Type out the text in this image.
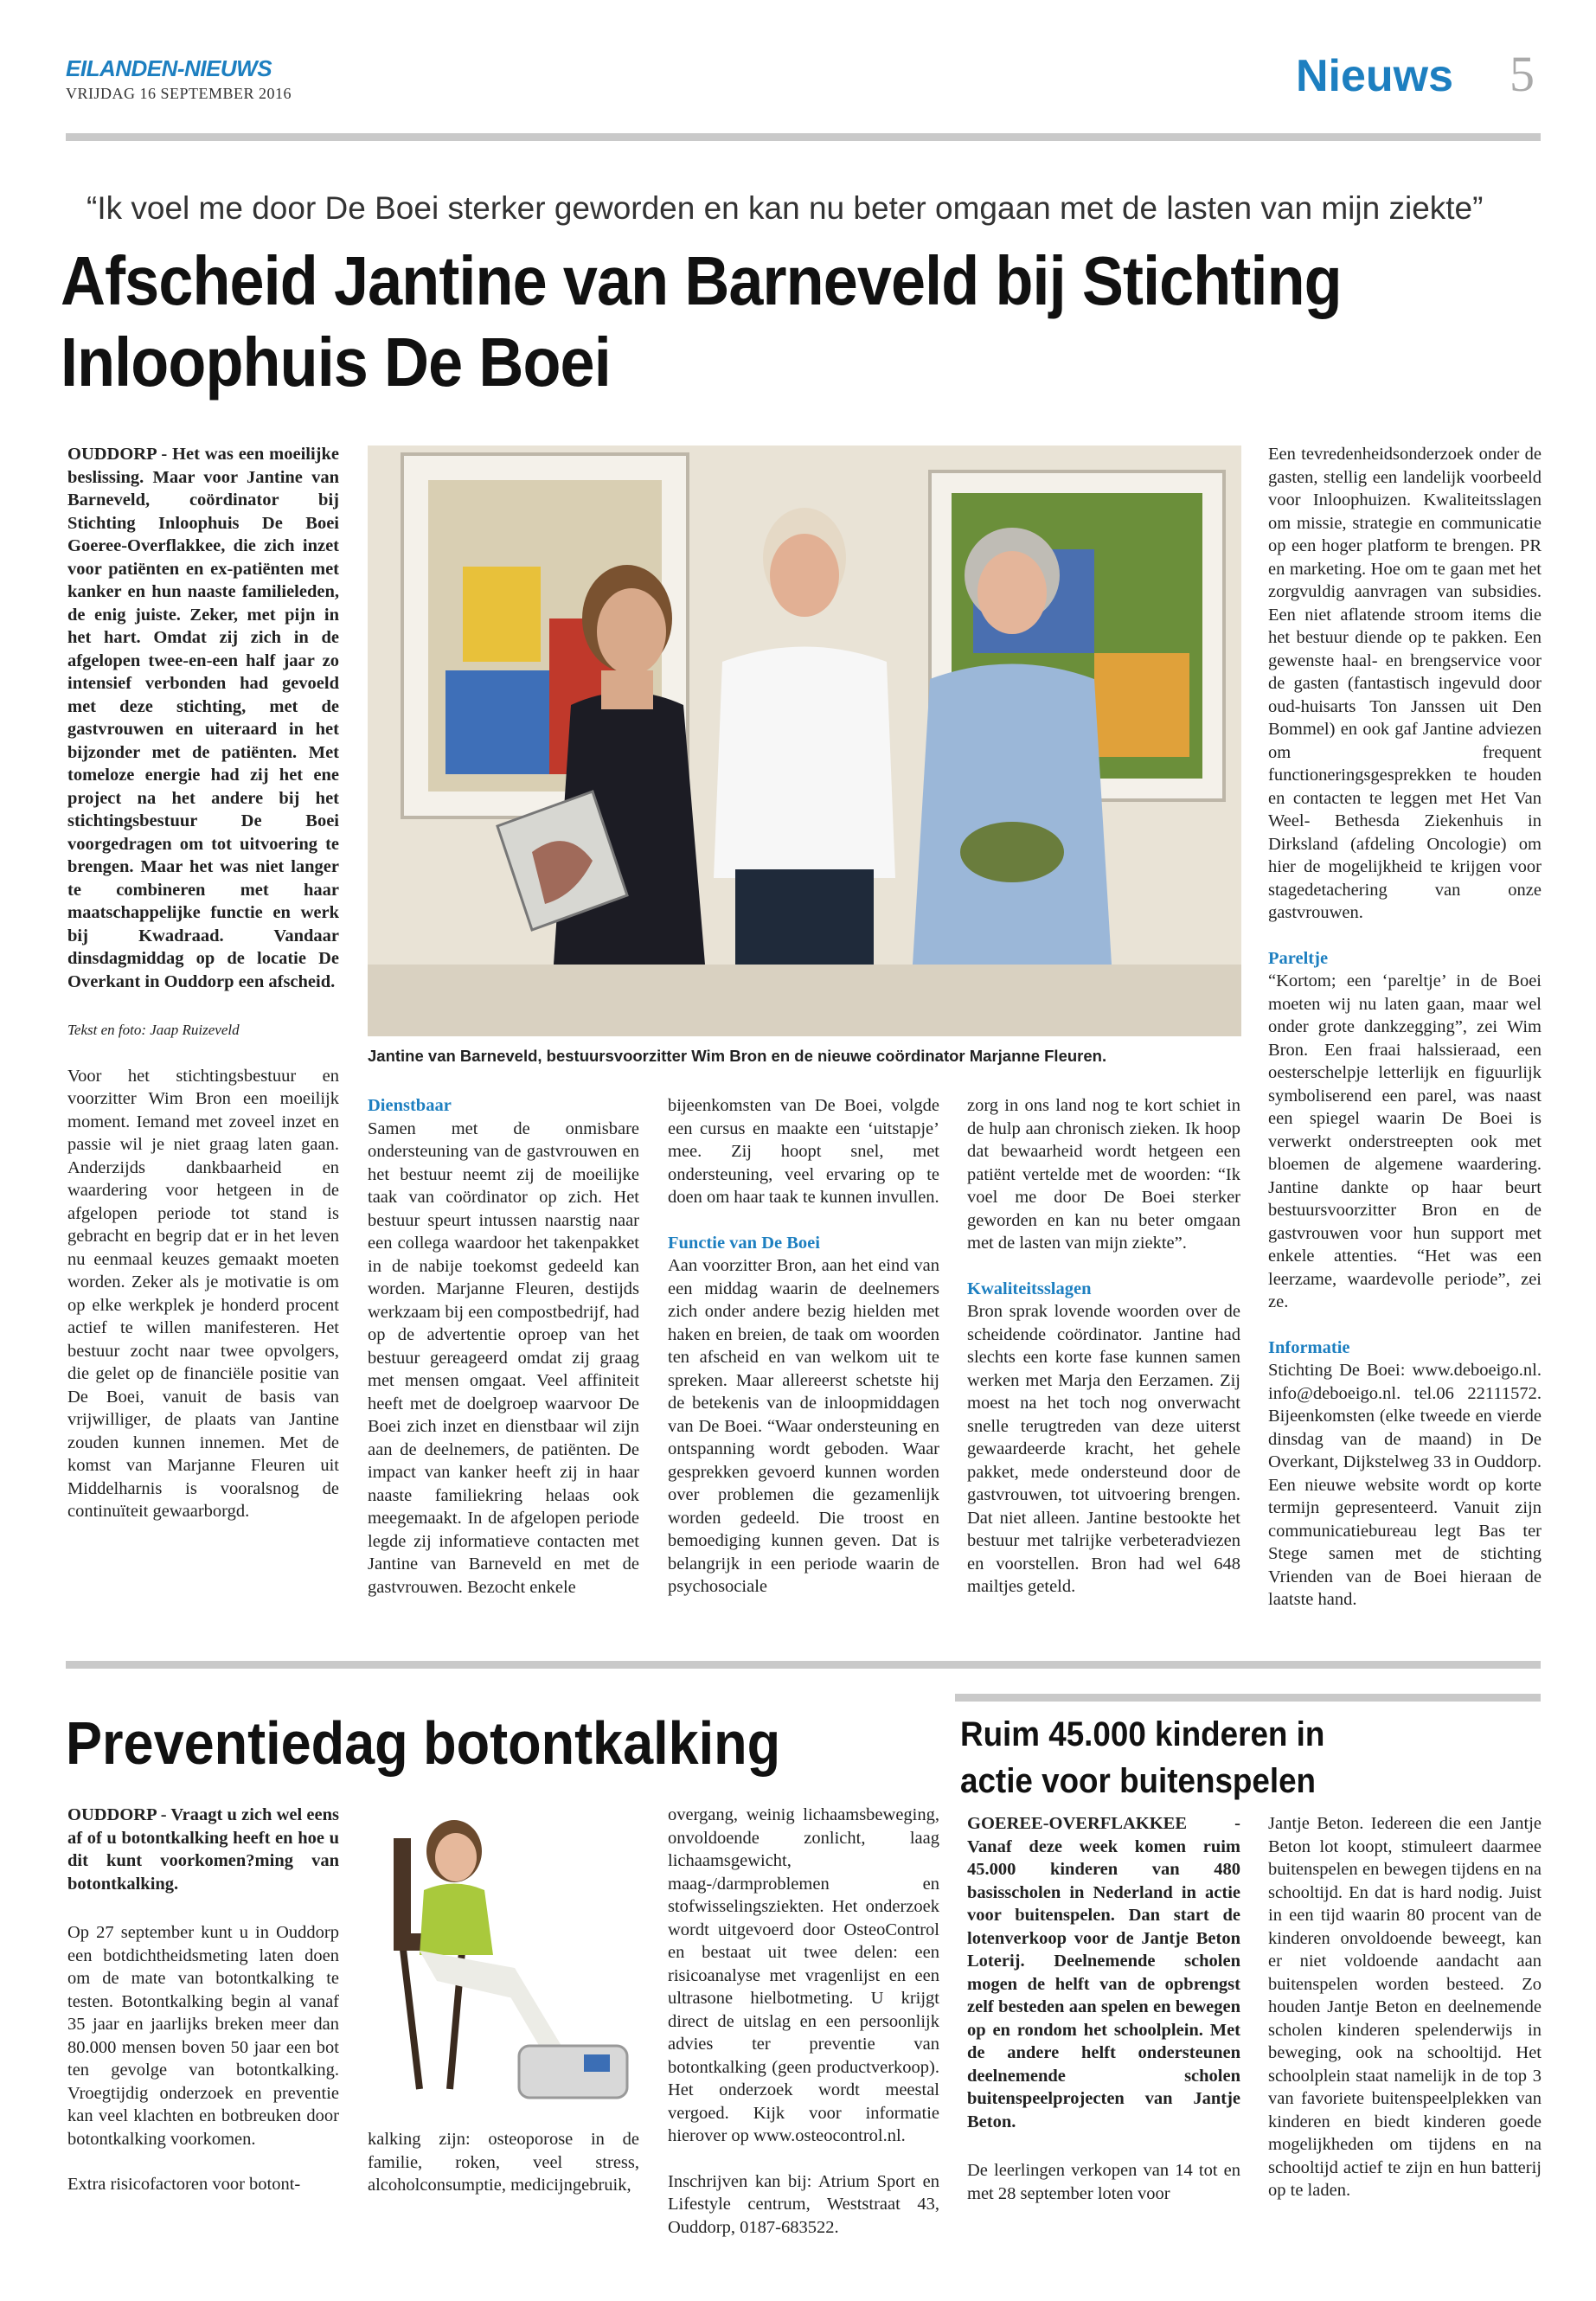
EILANDEN-NIEUWS
VRIJDAG 16 SEPTEMBER 2016	Nieuws 5
“Ik voel me door De Boei sterker geworden en kan nu beter omgaan met de lasten van mijn ziekte”
Afscheid Jantine van Barneveld bij Stichting Inloophuis De Boei

OUDDORP - Het was een moeilijke beslissing. Maar voor Jantine van Barneveld, coördinator bij Stichting Inloophuis De Boei Goeree-Overflakkee, die zich inzet voor patiënten en ex-patiënten met kanker en hun naaste familieleden, de enig juiste. Zeker, met pijn in het hart. Omdat zij zich in de afgelopen twee-en-een half jaar zo intensief verbonden had gevoeld met deze stichting, met de gastvrouwen en uiteraard in het bijzonder met de patiënten. Met tomeloze energie had zij het ene project na het andere bij het stichtingsbestuur De Boei voorgedragen om tot uitvoering te brengen. Maar het was niet langer te combineren met haar maatschappelijke functie en werk bij Kwadraad. Vandaar dinsdagmiddag op de locatie De Overkant in Ouddorp een afscheid.

Tekst en foto: Jaap Ruizeveld

Voor het stichtingsbestuur en voorzitter Wim Bron een moeilijk moment. Iemand met zoveel inzet en passie wil je niet graag laten gaan. Anderzijds dankbaarheid en waardering voor hetgeen in de afgelopen periode tot stand is gebracht en begrip dat er in het leven nu eenmaal keuzes gemaakt moeten worden. Zeker als je motivatie is om op elke werkplek je honderd procent actief te willen manifesteren. Het bestuur zocht naar twee opvolgers, die gelet op de financiële positie van De Boei, vanuit de basis van vrijwilliger, de plaats van Jantine zouden kunnen innemen. Met de komst van Marjanne Fleuren uit Middelharnis is vooralsnog de continuïteit gewaarborgd.

Jantine van Barneveld, bestuursvoorzitter Wim Bron en de nieuwe coördinator Marjanne Fleuren.
Dienstbaar

Samen met de onmisbare ondersteuning van de gastvrouwen en het bestuur neemt zij de moeilijke taak van coördinator op zich. Het bestuur speurt intussen naarstig naar een collega waardoor het takenpakket in de nabije toekomst gedeeld kan worden. Marjanne Fleuren, destijds werkzaam bij een compostbedrijf, had op de advertentie oproep van het bestuur gereageerd omdat zij graag met mensen omgaat. Veel affiniteit heeft met de doelgroep waarvoor De Boei zich inzet en dienstbaar wil zijn aan de deelnemers, de patiënten. De impact van kanker heeft zij in haar naaste familiekring helaas ook meegemaakt. In de afgelopen periode legde zij informatieve contacten met Jantine van Barneveld en met de gastvrouwen. Bezocht enkele

bijeenkomsten van De Boei, volgde een cursus en maakte een ‘uitstapje’ mee. Zij hoopt snel, met ondersteuning, veel ervaring op te doen om haar taak te kunnen invullen.

Functie van De Boei

Aan voorzitter Bron, aan het eind van een middag waarin de deelnemers zich onder andere bezig hielden met haken en breien, de taak om woorden ten afscheid en van welkom uit te spreken. Maar allereerst schetste hij de betekenis van de inloopmiddagen van De Boei. “Waar ondersteuning en ontspanning wordt geboden. Waar gesprekken gevoerd kunnen worden over problemen die gezamenlijk worden gedeeld. Die troost en bemoediging kunnen geven. Dat is belangrijk in een periode waarin de psychosociale

zorg in ons land nog te kort schiet in de hulp aan chronisch zieken. Ik hoop dat bewaarheid wordt hetgeen een patiënt vertelde met de woorden: “Ik voel me door De Boei sterker geworden en kan nu beter omgaan met de lasten van mijn ziekte”.

Kwaliteitsslagen

Bron sprak lovende woorden over de scheidende coördinator. Jantine had slechts een korte fase kunnen samen werken met Marja den Eerzamen. Zij moest na het toch nog onverwacht snelle terugtreden van deze uiterst gewaardeerde kracht, het gehele pakket, mede ondersteund door de gastvrouwen, tot uitvoering brengen. Dat niet alleen. Jantine bestookte het bestuur met talrijke verbeteradviezen en voorstellen. Bron had wel 648 mailtjes geteld.

Een tevredenheidsonderzoek onder de gasten, stellig een landelijk voorbeeld voor Inloophuizen. Kwaliteitsslagen om missie, strategie en communicatie op een hoger platform te brengen. PR en marketing. Hoe om te gaan met het zorgvuldig aanvragen van subsidies. Een niet aflatende stroom items die het bestuur diende op te pakken. Een gewenste haal- en brengservice voor de gasten (fantastisch ingevuld door oud-huisarts Ton Janssen uit Den Bommel) en ook gaf Jantine adviezen om frequent functioneringsgesprekken te houden en contacten te leggen met Het Van Weel- Bethesda Ziekenhuis in Dirksland (afdeling Oncologie) om hier de mogelijkheid te krijgen voor stagedetachering van onze gastvrouwen.

Pareltje

“Kortom; een ‘pareltje’ in de Boei moeten wij nu laten gaan, maar wel onder grote dankzegging”, zei Wim Bron. Een fraai halssieraad, een oesterschelpje letterlijk en figuurlijk symboliserend een parel, was naast een spiegel waarin De Boei is verwerkt onderstreepten ook met bloemen de algemene waardering. Jantine dankte op haar beurt bestuursvoorzitter Bron en de gastvrouwen voor hun support met enkele attenties. “Het was een leerzame, waardevolle periode”, zei ze.

Informatie

Stichting De Boei: www.deboeigo.nl. info@deboeigo.nl. tel.06 22111572. Bijeenkomsten (elke tweede en vierde dinsdag van de maand) in De Overkant, Dijkstelweg 33 in Ouddorp. Een nieuwe website wordt op korte termijn gepresenteerd. Vanuit zijn communicatiebureau legt Bas ter Stege samen met de stichting Vrienden van de Boei hieraan de laatste hand.

Preventiedag botontkalking

OUDDORP - Vraagt u zich wel eens af of u botontkalking heeft en hoe u dit kunt voorkomen?ming van botontkalking.

Op 27 september kunt u in Ouddorp een botdichtheidsmeting laten doen om de mate van botontkalking te testen. Botontkalking begin al vanaf 35 jaar en jaarlijks breken meer dan 80.000 mensen boven 50 jaar een bot ten gevolge van botontkalking. Vroegtijdig onderzoek en preventie kan veel klachten en botbreuken door botontkalking voorkomen.

Extra risicofactoren voor botont-

kalking zijn: osteoporose in de familie, roken, veel stress, alcoholconsumptie, medicijngebruik,

overgang, weinig lichaamsbeweging, onvoldoende zonlicht, laag lichaamsgewicht, maag-/darmproblemen en stofwisselingsziekten. Het onderzoek wordt uitgevoerd door OsteoControl en bestaat uit twee delen: een risicoanalyse met vragenlijst en een ultrasone hielbotmeting. U krijgt direct de uitslag en een persoonlijk advies ter preventie van botontkalking (geen productverkoop). Het onderzoek wordt meestal vergoed. Kijk voor informatie hierover op www.osteocontrol.nl.

Inschrijven kan bij: Atrium Sport en Lifestyle centrum, Weststraat 43, Ouddorp, 0187-683522.

Ruim 45.000 kinderen in actie voor buitenspelen

GOEREE-OVERFLAKKEE - Vanaf deze week komen ruim 45.000 kinderen van 480 basisscholen in Nederland in actie voor buitenspelen. Dan start de lotenverkoop voor de Jantje Beton Loterij. Deelnemende scholen mogen de helft van de opbrengst zelf besteden aan spelen en bewegen op en rondom het schoolplein. Met de andere helft ondersteunen deelnemende scholen buitenspeelprojecten van Jantje Beton.

De leerlingen verkopen van 14 tot en met 28 september loten voor

Jantje Beton. Iedereen die een Jantje Beton lot koopt, stimuleert daarmee buitenspelen en bewegen tijdens en na schooltijd. En dat is hard nodig. Juist in een tijd waarin 80 procent van de kinderen onvoldoende beweegt, kan er niet voldoende aandacht aan buitenspelen worden besteed. Zo houden Jantje Beton en deelnemende scholen kinderen spelenderwijs in beweging, ook na schooltijd. Het schoolplein staat namelijk in de top 3 van favoriete buitenspeelplekken van kinderen en biedt kinderen goede mogelijkheden om tijdens en na schooltijd actief te zijn en hun batterij op te laden.
